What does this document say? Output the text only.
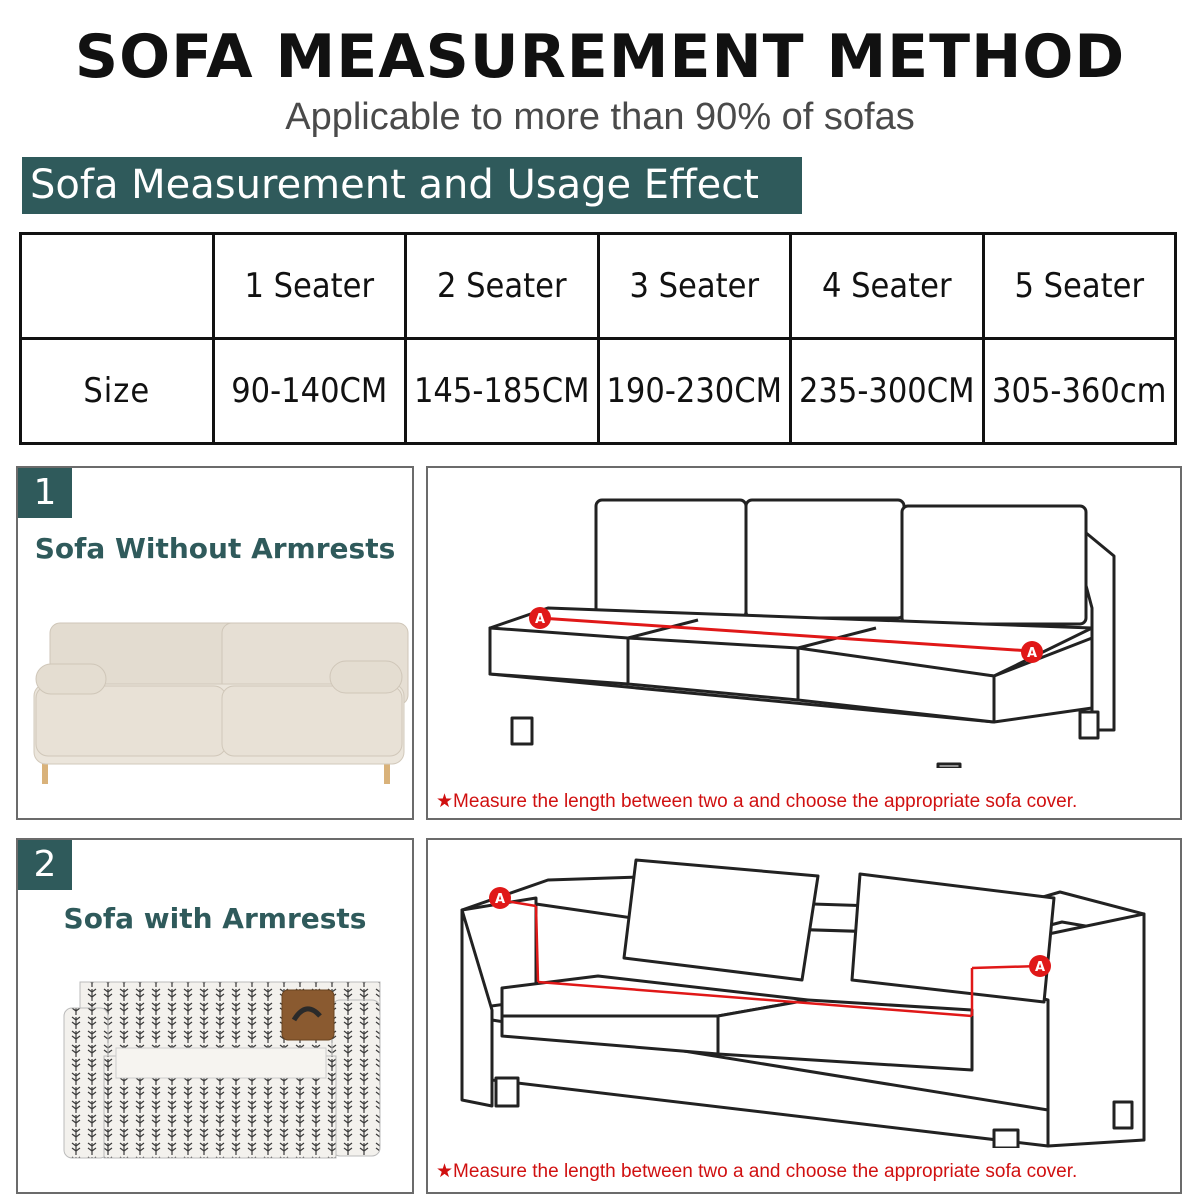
SOFA MEASUREMENT METHOD
Applicable to more than 90% of sofas
Sofa Measurement and Usage Effect
	1 Seater	2 Seater	3 Seater	4 Seater	5 Seater
Size	90-140CM	145-185CM	190-230CM	235-300CM	305-360cm
1
Sofa Without Armrests
A
A
★Measure the length between two a and choose the appropriate sofa cover.
2
Sofa with Armrests
A
A
★Measure the length between two a and choose the appropriate sofa cover.
